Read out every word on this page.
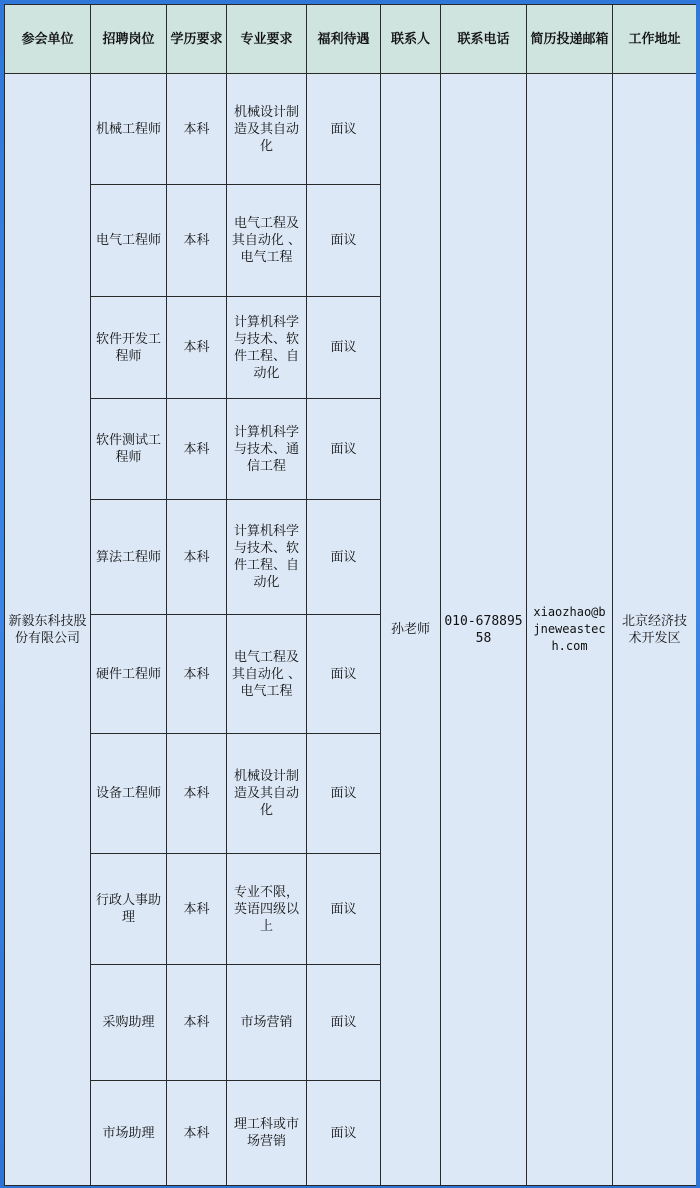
参会单位	招聘岗位	学历要求	专业要求	福利待遇	联系人	联系电话	简历投递邮箱	工作地址
新毅东科技股份有限公司	机械工程师	本科	机械设计制造及其自动化	面议	孙老师	010-67889558	xiaozhao@bjneweastech.com	北京经济技术开发区
	电气工程师	本科	电气工程及其自动化 、电气工程	面议				
	软件开发工程师	本科	计算机科学与技术、软件工程、自动化	面议				
	软件测试工程师	本科	计算机科学与技术、通信工程	面议				
	算法工程师	本科	计算机科学与技术、软件工程、自动化	面议				
	硬件工程师	本科	电气工程及其自动化 、电气工程	面议				
	设备工程师	本科	机械设计制造及其自动化	面议				
	行政人事助理	本科	专业不限，英语四级以上	面议				
	采购助理	本科	市场营销	面议				
	市场助理	本科	理工科或市场营销	面议				
